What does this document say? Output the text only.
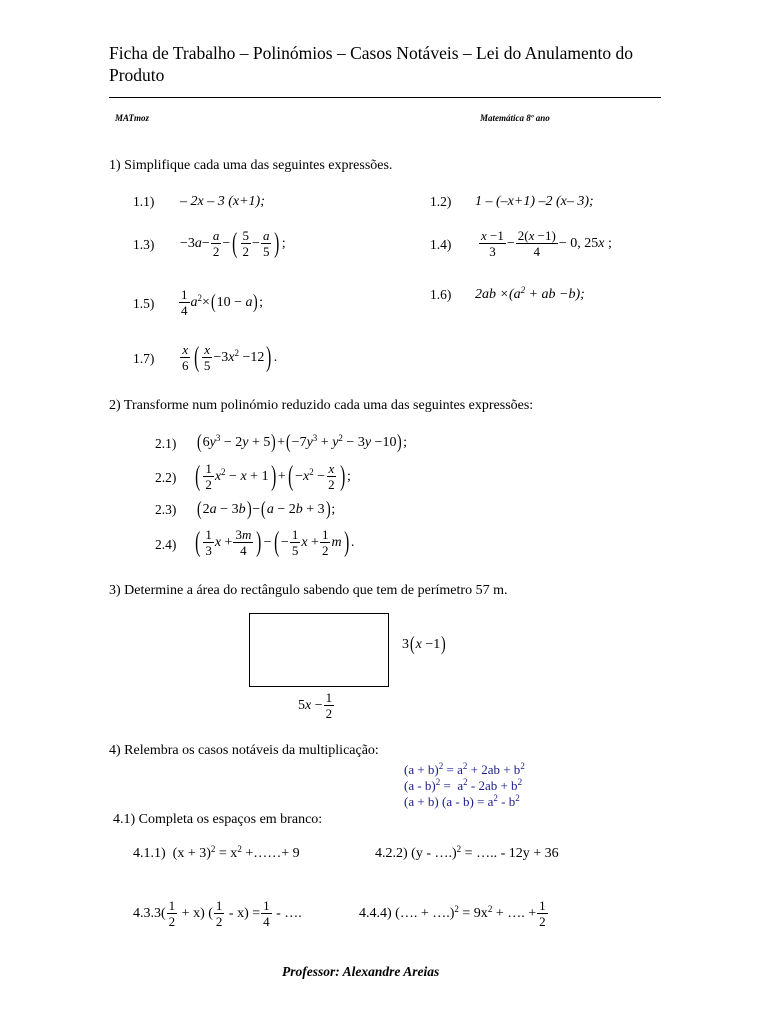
Ficha de Trabalho – Polinómios – Casos Notáveis – Lei do Anulamento do Produto
MATmoz	Matemática 8º ano
1) Simplifique cada uma das seguintes expressões.
1.1) – 2x – 3 (x+1);	1.2) 1 – (–x+1) –2 (x– 3);
$1.3) -3a- \frac{a}{2}$ − ( $\frac{5}{2} - \frac{a}{5}$ ) ;	$1.4) \frac{x -1}{3} - \frac{2(x -1)}{4} - 0$, 25x ;
$1.5) \frac{1}{4} a^2\times$ ( 10 − a ) ;	1.6) $2ab \times(a^2$ + ab −b);
$1.7) \frac{x}{6}$ ( $\frac{x}{5} -3x^2 -12$ ) .
2) Transforme num polinómio reduzido cada uma das seguintes expressões:
2.1) ( $6y^3 - 2y + 5$ ) + ( $-7y^3 + y^2 - 3y -10$ ) ;
2.2) ( $\frac{1}{2} x^2 - x + 1$ ) + ( $-x^2 - \frac{x}{2}$ ) ;
2.3) ( 2a − 3b ) − ( a − 2b + 3 ) ;
2.4) ( $\frac{1}{3}$ $x + \frac{3m}{4}$ ) − ( − $\frac{1}{5}$ $x + \frac{1}{2}$ m ) .
3) Determine a área do rectângulo sabendo que tem de perímetro 57 m.
3 ( x −1 )
$5x - \frac{1}{2}$
4) Relembra os casos notáveis da multiplicação:
$(a + b)^2 = a^2 + 2ab + b^2$
$(a - b)^2 = a^2 - 2ab + b^2$
(a + b) $(a - b) = a^2 - b^2$
4.1) Completa os espaços em branco:
4.1.1)  $(x + 3)^2 = x^2$ +……+ 9	4.2.2) (y - ….)$^2$ = ….. - 12y + 36
$4.3.3( \frac{1}{2} + x)$ ( $\frac{1}{2} - x) = \frac{1}{4}$ - ….	4.4.4) (…. + ….)$^2$ = $9x^2$ + …. + $\frac{1}{2}$
Professor: Alexandre Areias
